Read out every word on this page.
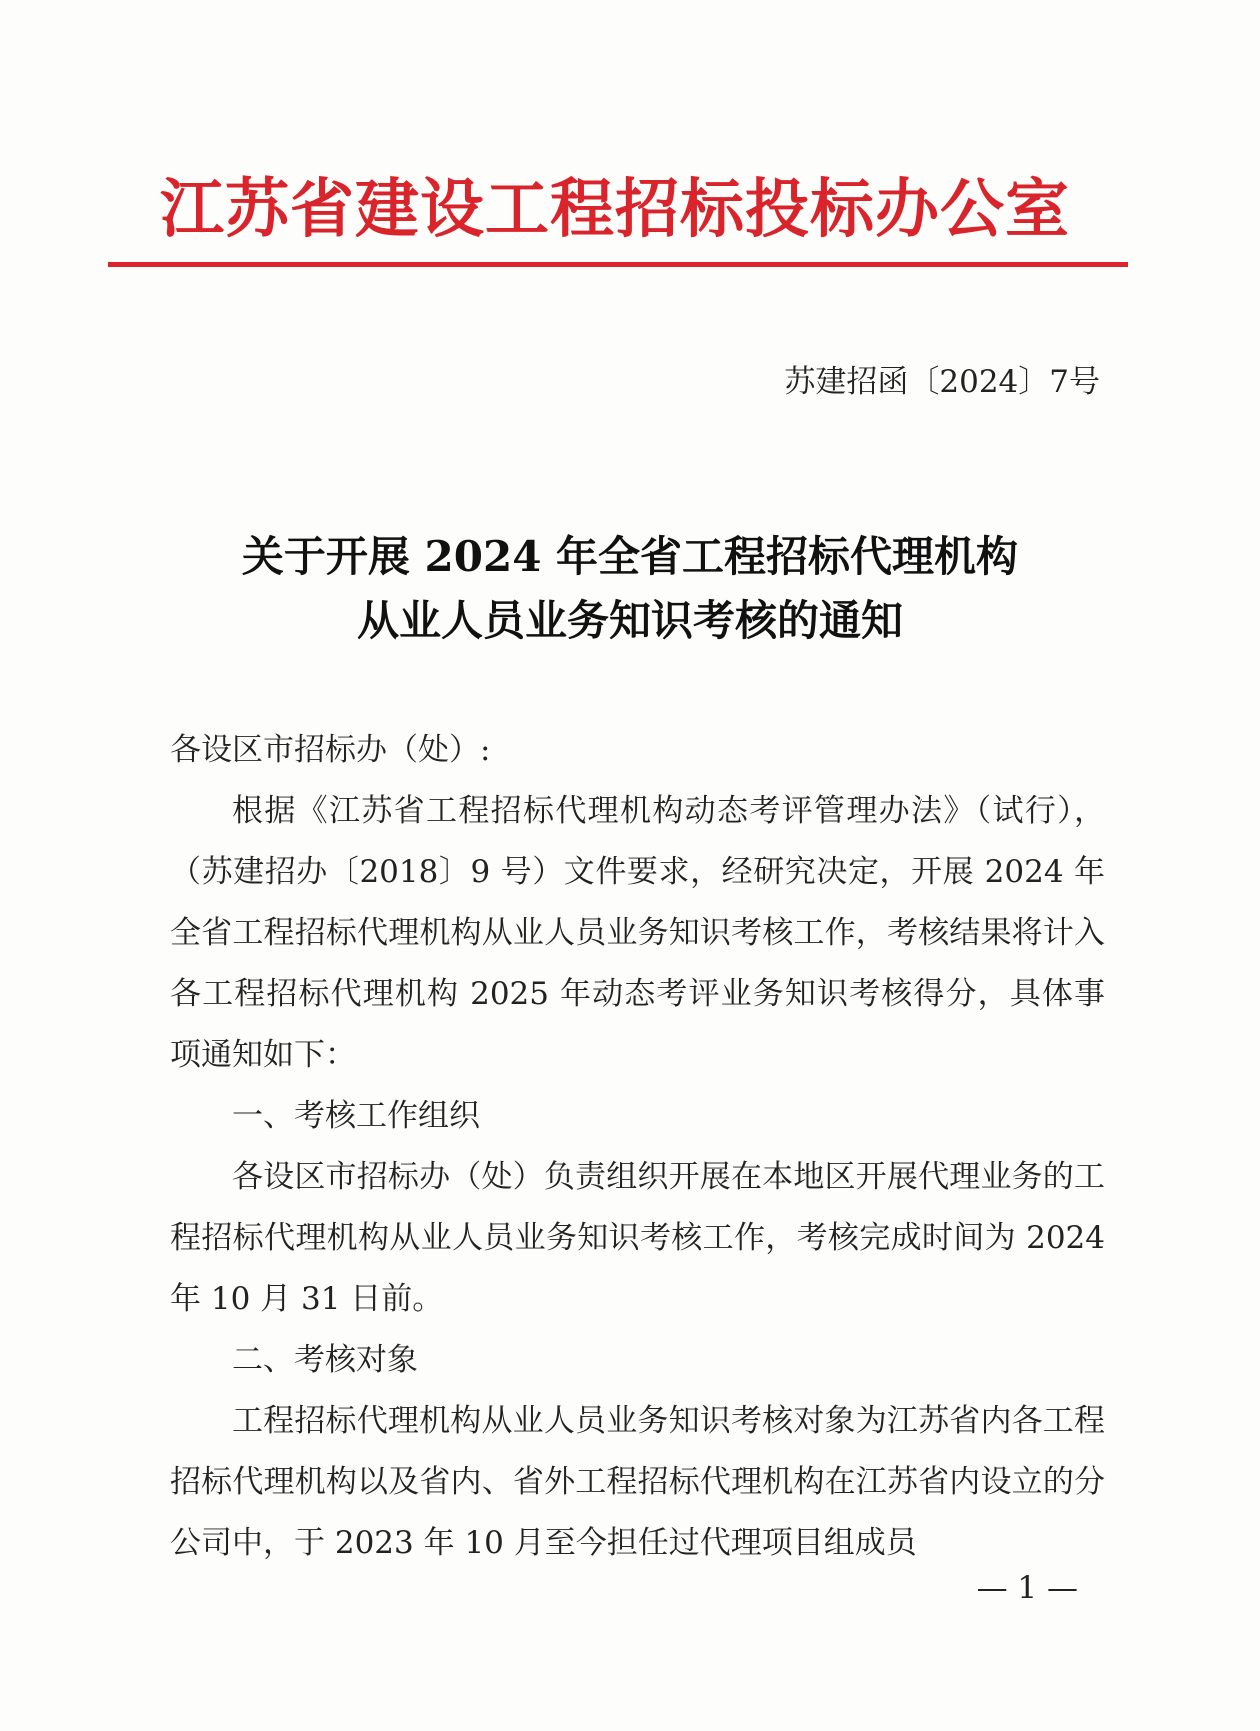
江苏省建设工程招标投标办公室
苏建招函〔2024〕7号
关于开展 2024 年全省工程招标代理机构
从业人员业务知识考核的通知

各设区市招标办（处）:

根据《江苏省工程招标代理机构动态考评管理办法》（试行），（苏建招办〔2018〕9 号）文件要求，经研究决定，开展 2024 年全省工程招标代理机构从业人员业务知识考核工作，考核结果将计入各工程招标代理机构 2025 年动态考评业务知识考核得分，具体事项通知如下：

一、考核工作组织

各设区市招标办（处）负责组织开展在本地区开展代理业务的工程招标代理机构从业人员业务知识考核工作，考核完成时间为 2024 年 10 月 31 日前。

二、考核对象

工程招标代理机构从业人员业务知识考核对象为江苏省内各工程招标代理机构以及省内、省外工程招标代理机构在江苏省内设立的分公司中，于 2023 年 10 月至今担任过代理项目组成员

— 1 —
